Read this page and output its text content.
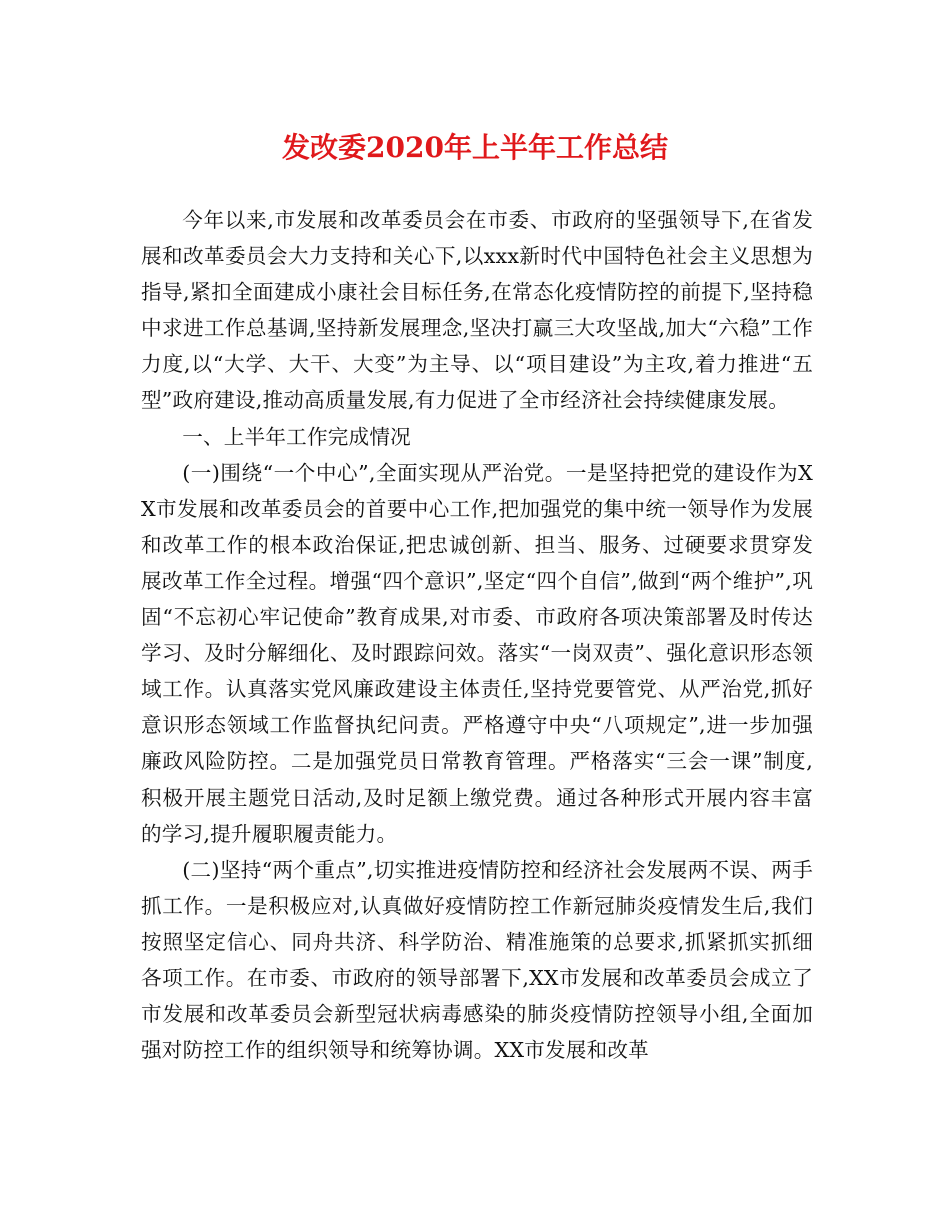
发改委2020年上半年工作总结

今年以来,市发展和改革委员会在市委、市政府的坚强领导下,在省发展和改革委员会大力支持和关心下,以xxx新时代中国特色社会主义思想为指导,紧扣全面建成小康社会目标任务,在常态化疫情防控的前提下,坚持稳中求进工作总基调,坚持新发展理念,坚决打赢三大攻坚战,加大“六稳”工作力度,以“大学、大干、大变”为主导、以“项目建设”为主攻,着力推进“五型”政府建设,推动高质量发展,有力促进了全市经济社会持续健康发展。

一、上半年工作完成情况

(一)围绕“一个中心”,全面实现从严治党。一是坚持把党的建设作为XX市发展和改革委员会的首要中心工作,把加强党的集中统一领导作为发展和改革工作的根本政治保证,把忠诚创新、担当、服务、过硬要求贯穿发展改革工作全过程。增强“四个意识”,坚定“四个自信”,做到“两个维护”,巩固“不忘初心牢记使命”教育成果,对市委、市政府各项决策部署及时传达学习、及时分解细化、及时跟踪问效。落实“一岗双责”、强化意识形态领域工作。认真落实党风廉政建设主体责任,坚持党要管党、从严治党,抓好意识形态领域工作监督执纪问责。严格遵守中央“八项规定”,进一步加强廉政风险防控。二是加强党员日常教育管理。严格落实“三会一课”制度,积极开展主题党日活动,及时足额上缴党费。通过各种形式开展内容丰富的学习,提升履职履责能力。

(二)坚持“两个重点”,切实推进疫情防控和经济社会发展两不误、两手抓工作。一是积极应对,认真做好疫情防控工作新冠肺炎疫情发生后,我们按照坚定信心、同舟共济、科学防治、精准施策的总要求,抓紧抓实抓细各项工作。在市委、市政府的领导部署下,XX市发展和改革委员会成立了市发展和改革委员会新型冠状病毒感染的肺炎疫情防控领导小组,全面加强对防控工作的组织领导和统筹协调。XX市发展和改革
